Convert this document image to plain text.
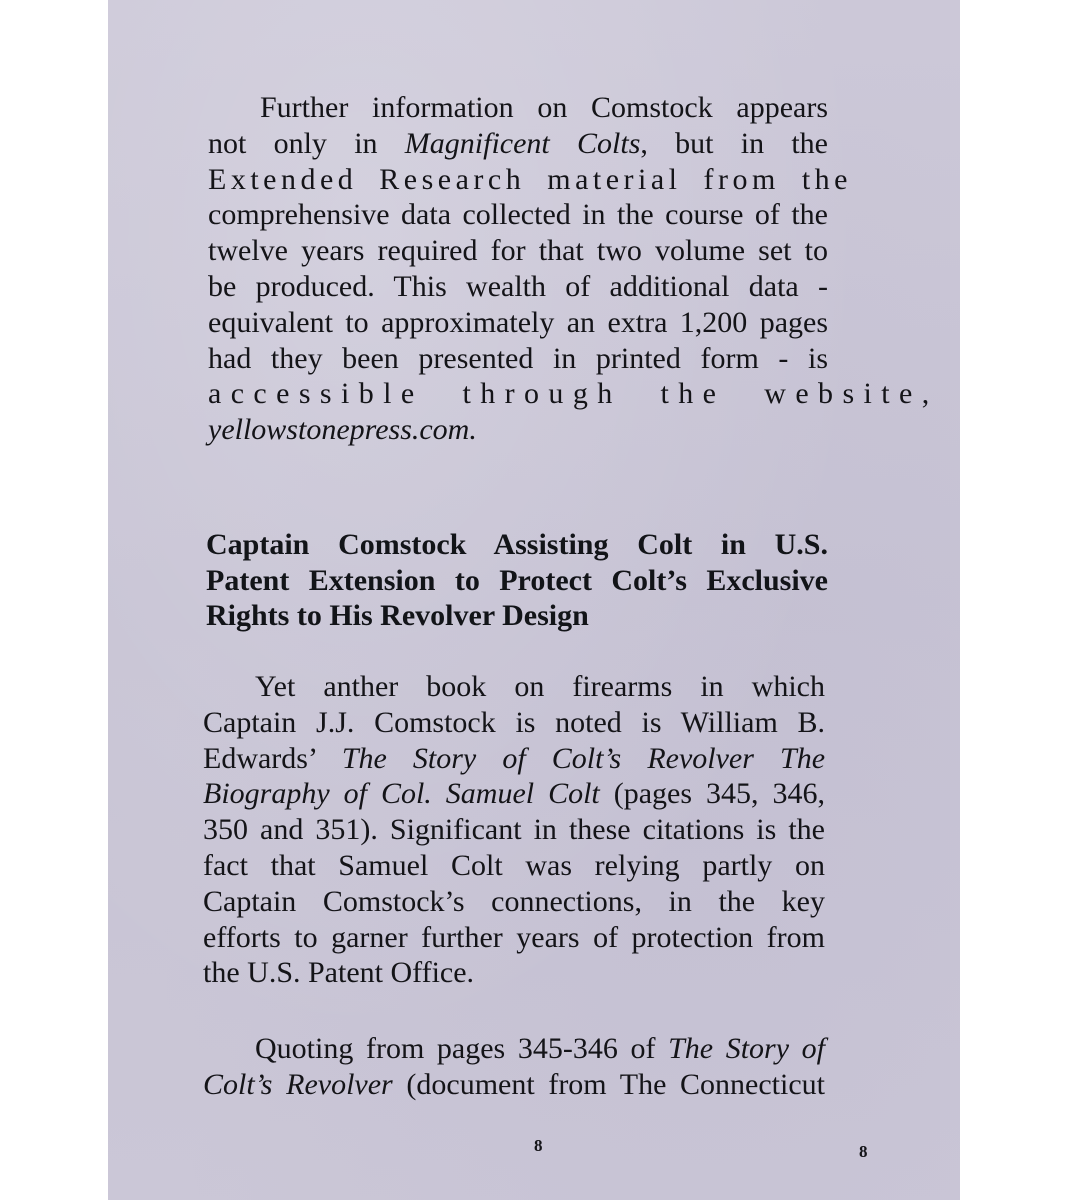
Further information on Comstock appears
not only in Magnificent Colts, but in the
Extended Research material from the
comprehensive data collected in the course of the
twelve years required for that two volume set to
be produced. This wealth of additional data -
equivalent to approximately an extra 1,200 pages
had they been presented in printed form - is
accessible through the website,
yellowstonepress.com.
Captain Comstock Assisting Colt in U.S.
Patent Extension to Protect Colt’s Exclusive
Rights to His Revolver Design
Yet anther book on firearms in which
Captain J.J. Comstock is noted is William B.
Edwards’ The Story of Colt’s Revolver The
Biography of Col. Samuel Colt (pages 345, 346,
350 and 351). Significant in these citations is the
fact that Samuel Colt was relying partly on
Captain Comstock’s connections, in the key
efforts to garner further years of protection from
the U.S. Patent Office.
Quoting from pages 345-346 of The Story of
Colt’s Revolver (document from The Connecticut
8	8
